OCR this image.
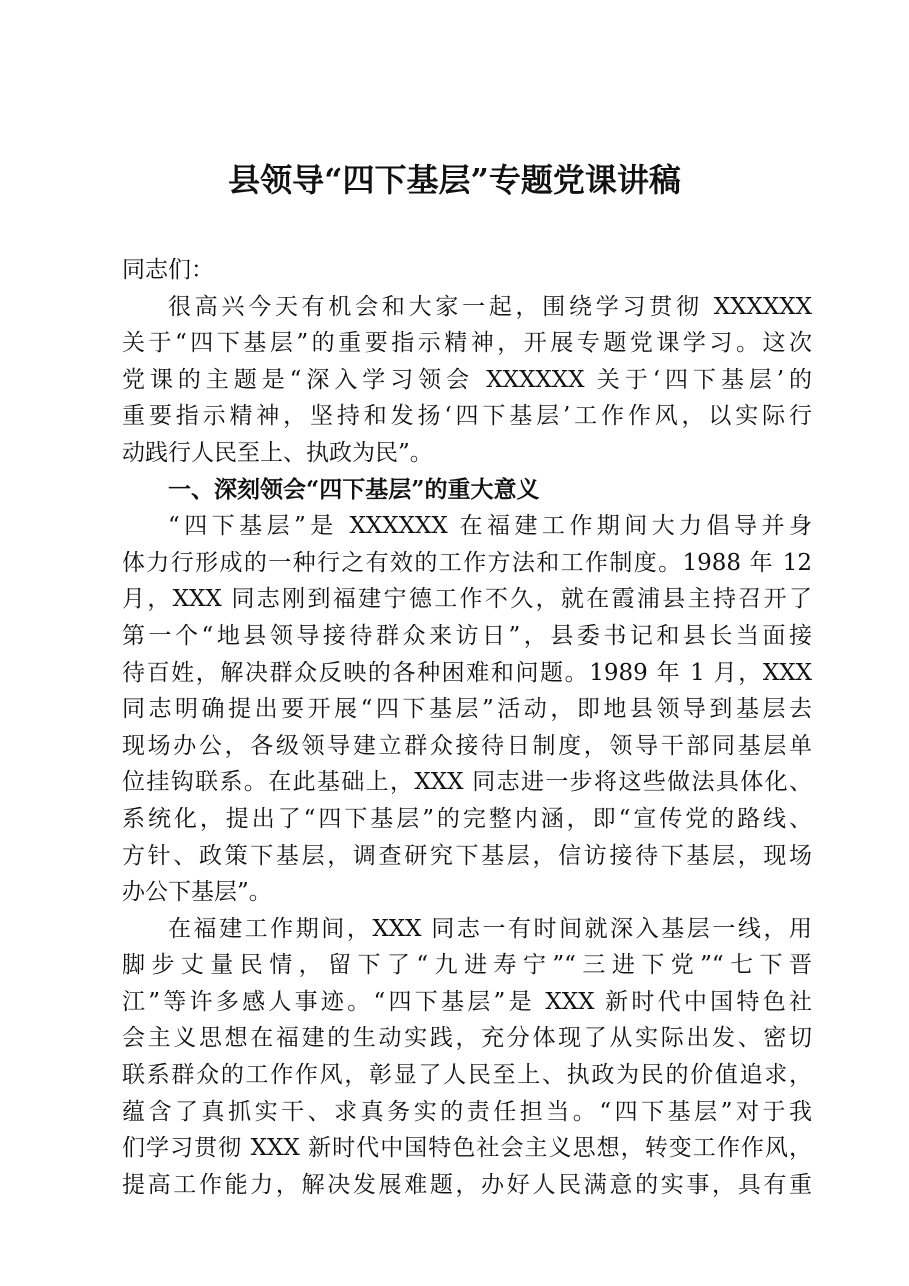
县领导“四下基层”专题党课讲稿
同志们：
很高兴今天有机会和大家一起，围绕学习贯彻 XXXXXX
关于“四下基层”的重要指示精神，开展专题党课学习。这次
党课的主题是“深入学习领会 XXXXXX 关于‘四下基层’的
重要指示精神，坚持和发扬‘四下基层’工作作风，以实际行
动践行人民至上、执政为民”。
一、深刻领会“四下基层”的重大意义
“四下基层”是 XXXXXX 在福建工作期间大力倡导并身
体力行形成的一种行之有效的工作方法和工作制度。1988 年 12
月，XXX 同志刚到福建宁德工作不久，就在霞浦县主持召开了
第一个“地县领导接待群众来访日”，县委书记和县长当面接
待百姓，解决群众反映的各种困难和问题。1989 年 1 月，XXX
同志明确提出要开展“四下基层”活动，即地县领导到基层去
现场办公，各级领导建立群众接待日制度，领导干部同基层单
位挂钩联系。在此基础上，XXX 同志进一步将这些做法具体化、
系统化，提出了“四下基层”的完整内涵，即“宣传党的路线、
方针、政策下基层，调查研究下基层，信访接待下基层，现场
办公下基层”。
在福建工作期间，XXX 同志一有时间就深入基层一线，用
脚步丈量民情，留下了“九进寿宁”“三进下党”“七下晋
江”等许多感人事迹。“四下基层”是 XXX 新时代中国特色社
会主义思想在福建的生动实践，充分体现了从实际出发、密切
联系群众的工作作风，彰显了人民至上、执政为民的价值追求，
蕴含了真抓实干、求真务实的责任担当。“四下基层”对于我
们学习贯彻 XXX 新时代中国特色社会主义思想，转变工作作风，
提高工作能力，解决发展难题，办好人民满意的实事，具有重
